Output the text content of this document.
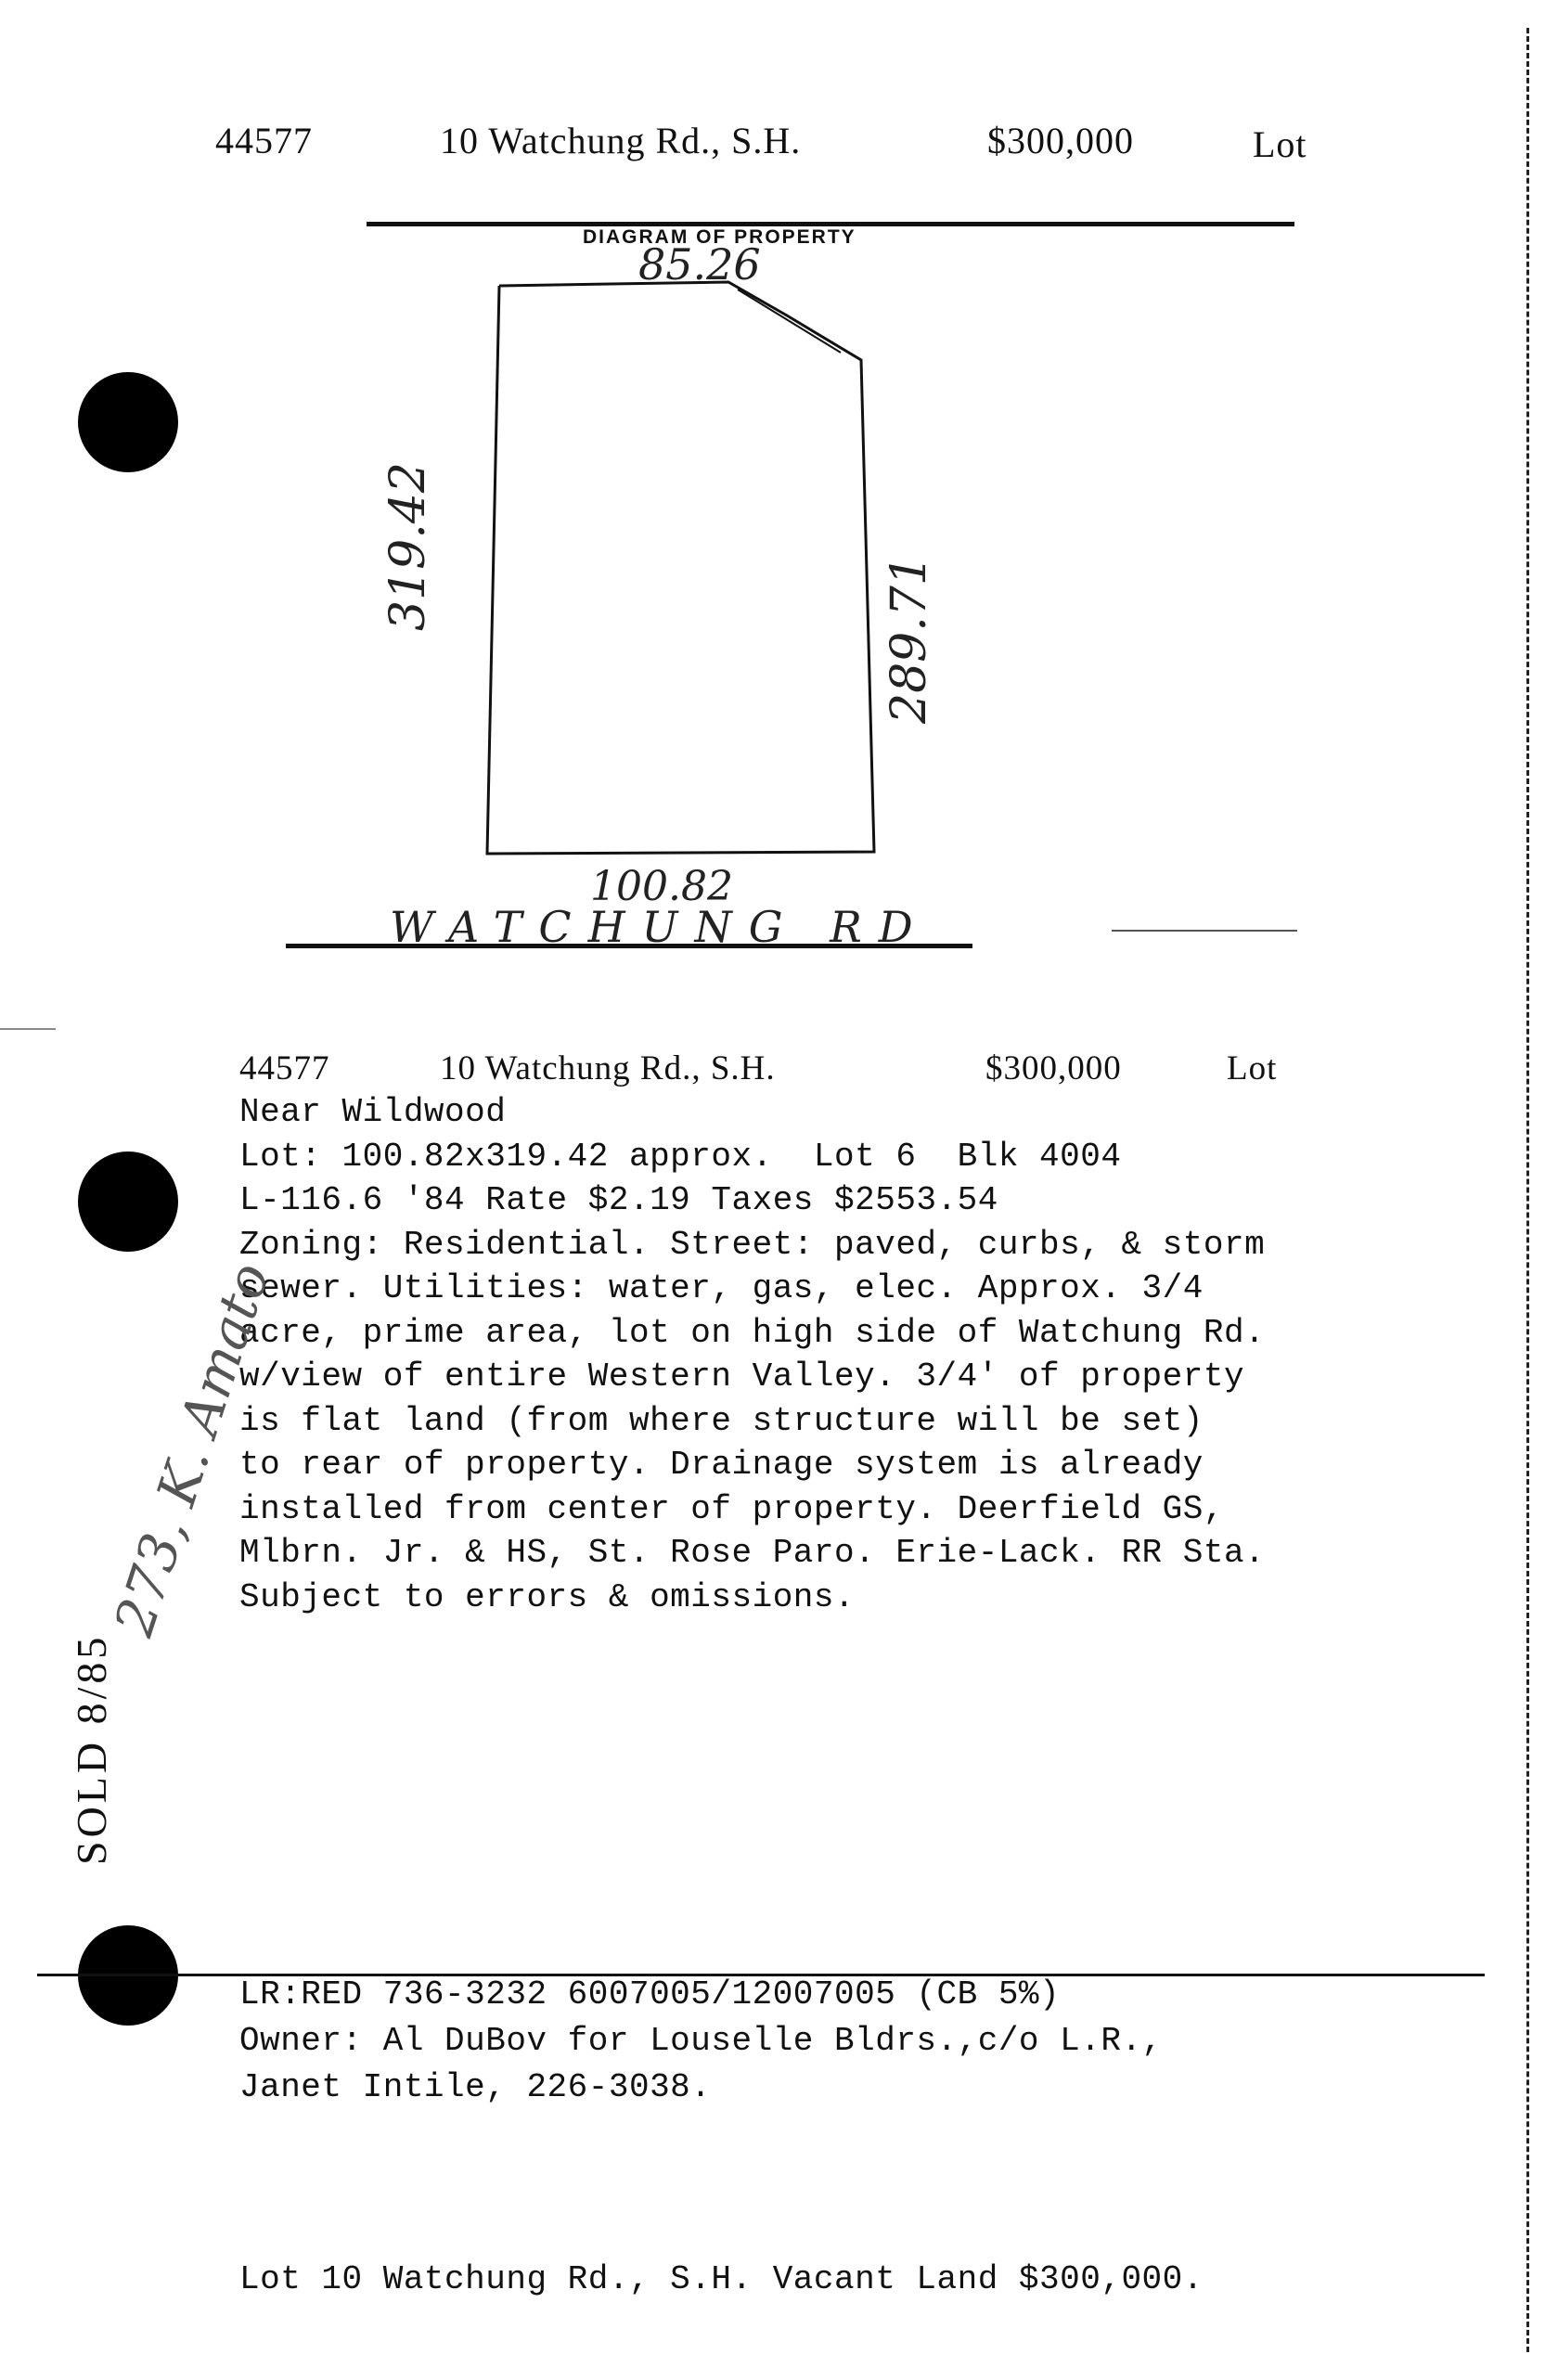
44577	10 Watchung Rd., S.H.	$300,000	Lot
DIAGRAM OF PROPERTY
85.26
319.42
289.71
100.82
WATCHUNG RD
44577	10 Watchung Rd., S.H.	$300,000	Lot
Near Wildwood
Lot: 100.82x319.42 approx.  Lot 6  Blk 4004
L-116.6 '84 Rate $2.19 Taxes $2553.54
Zoning: Residential. Street: paved, curbs, & storm
sewer. Utilities: water, gas, elec. Approx. 3/4
acre, prime area, lot on high side of Watchung Rd.
w/view of entire Western Valley. 3/4' of property
is flat land (from where structure will be set)
to rear of property. Drainage system is already
installed from center of property. Deerfield GS,
Mlbrn. Jr. & HS, St. Rose Paro. Erie-Lack. RR Sta.
Subject to errors & omissions.
SOLD 8/85
273, K. Amato
LR:RED 736-3232 6007005/12007005 (CB 5%)
Owner: Al DuBov for Louselle Bldrs.,c/o L.R.,
Janet Intile, 226-3038.
Lot 10 Watchung Rd., S.H. Vacant Land $300,000.
